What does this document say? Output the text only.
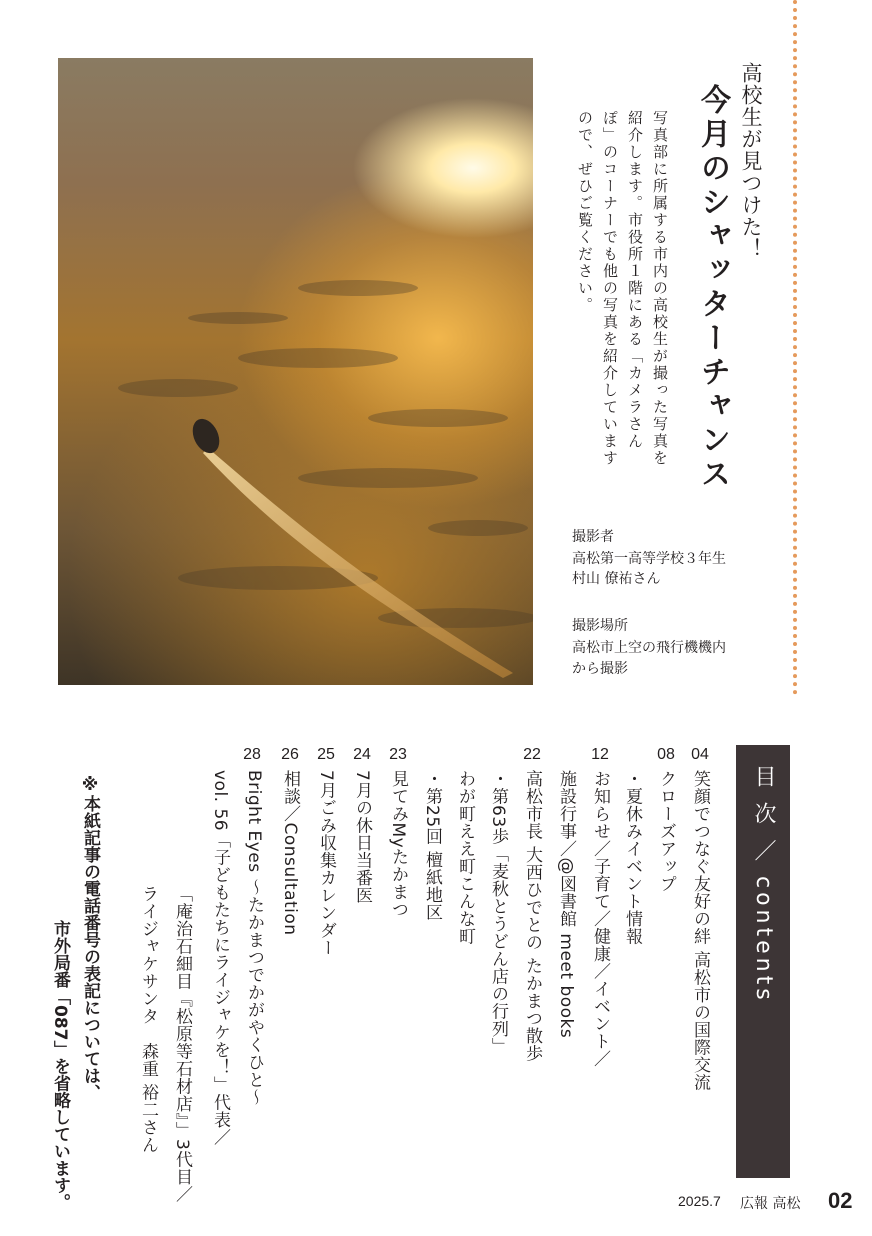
高校生が見つけた！
今月のシャッターチャンス
写真部に所属する市内の高校生が撮った写真を紹介します。市役所１階にある「カメラさんぽ」のコーナーでも他の写真を紹介していますので、ぜひご覧ください。
撮影者
高松第一高等学校３年生
村山 僚祐さん
撮影場所
高松市上空の飛行機機内
から撮影
目 次 ／ contents
04
08
12
22
23
24
25
26
28
笑顔でつなぐ友好の絆 高松市の国際交流
クローズアップ
・夏休みイベント情報
お知らせ／子育て／健康／イベント／
施設行事／@図書館 meet books
高松市長 大西ひでとの たかまつ散歩
・第63歩「麦秋とうどん店の行列」
わが町ええ町こんな町
・第25回 檀紙地区
見てみMyたかまつ
7月の休日当番医
7月ごみ収集カレンダー
相談／Consultation
Bright Eyes ～たかまつでかがやくひと～
vol. 56「子どもたちにライジャケを！」代表／
「庵治石細目『松原等石材店』」3代目／
ライジャケサンタ　森重 裕二さん
※本紙記事の電話番号の表記については、
市外局番「087」を省略しています。	2025.7 広報 高松 02
